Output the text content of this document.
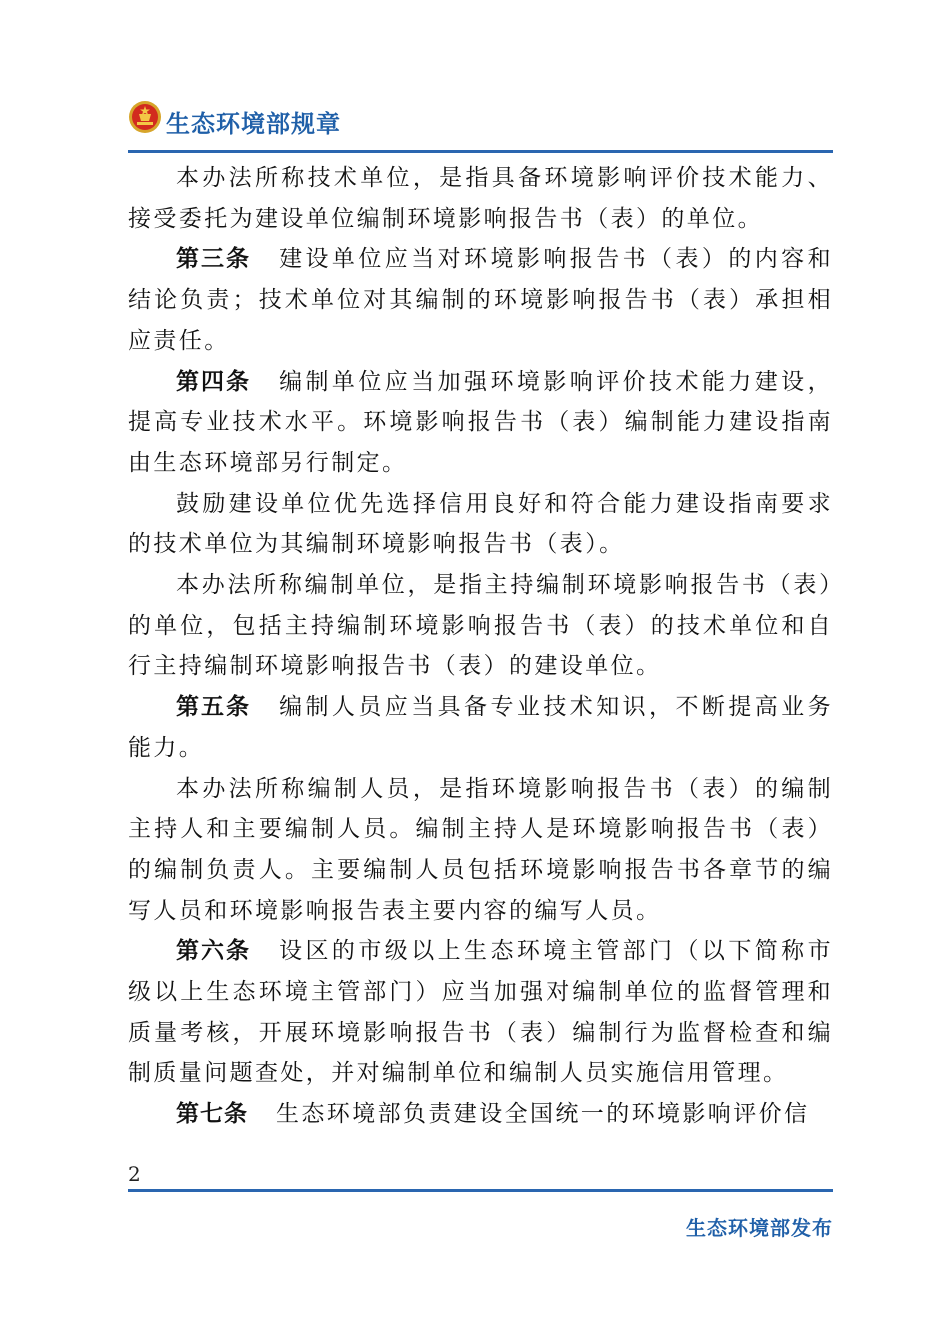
生态环境部规章

本办法所称技术单位，是指具备环境影响评价技术能力、接受委托为建设单位编制环境影响报告书（表）的单位。

第三条 建设单位应当对环境影响报告书（表）的内容和结论负责；技术单位对其编制的环境影响报告书（表）承担相应责任。

第四条 编制单位应当加强环境影响评价技术能力建设，提高专业技术水平。环境影响报告书（表）编制能力建设指南由生态环境部另行制定。

鼓励建设单位优先选择信用良好和符合能力建设指南要求的技术单位为其编制环境影响报告书（表）。

本办法所称编制单位，是指主持编制环境影响报告书（表）的单位，包括主持编制环境影响报告书（表）的技术单位和自行主持编制环境影响报告书（表）的建设单位。

第五条 编制人员应当具备专业技术知识，不断提高业务能力。

本办法所称编制人员，是指环境影响报告书（表）的编制主持人和主要编制人员。编制主持人是环境影响报告书（表）的编制负责人。主要编制人员包括环境影响报告书各章节的编写人员和环境影响报告表主要内容的编写人员。

第六条 设区的市级以上生态环境主管部门（以下简称市级以上生态环境主管部门）应当加强对编制单位的监督管理和质量考核，开展环境影响报告书（表）编制行为监督检查和编制质量问题查处，并对编制单位和编制人员实施信用管理。

第七条 生态环境部负责建设全国统一的环境影响评价信

2
生态环境部发布
